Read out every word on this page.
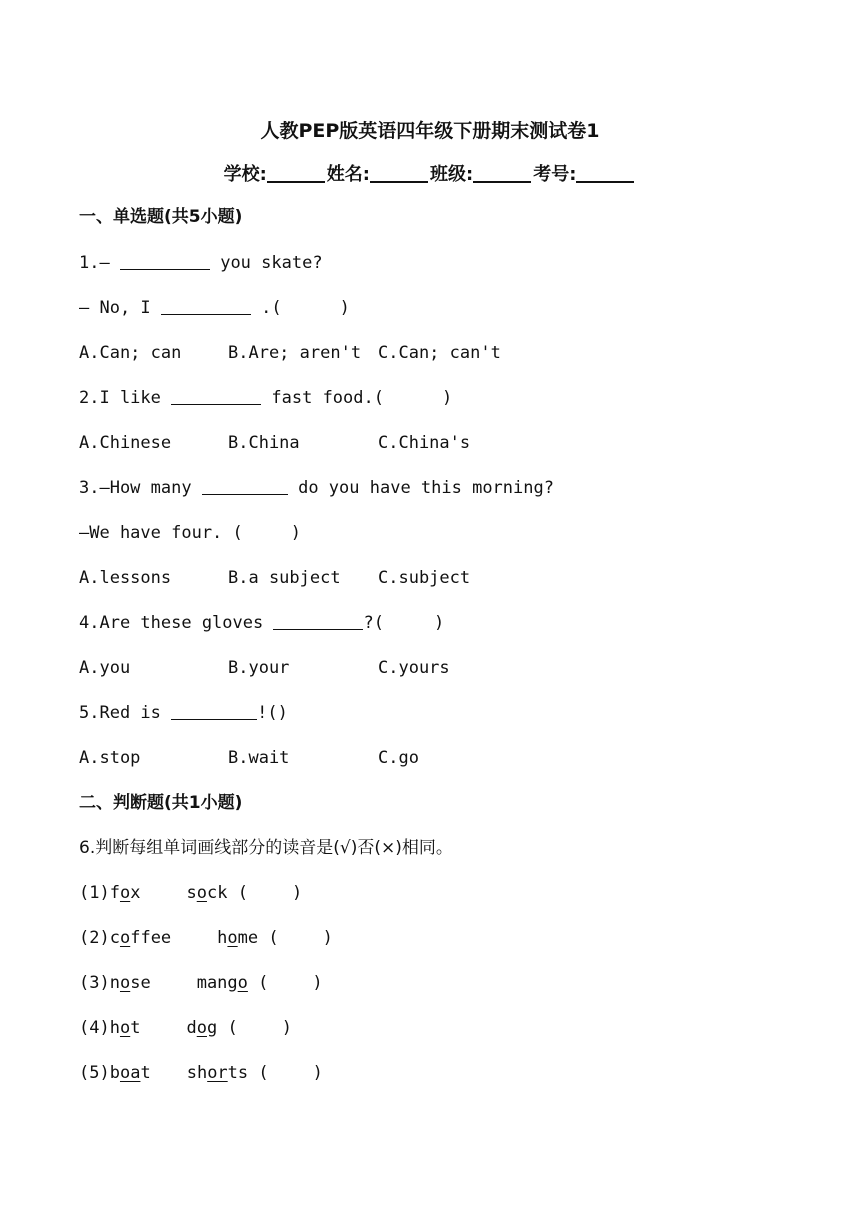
人教PEP版英语四年级下册期末测试卷1
学校:	姓名:	班级:	考号:
一、单选题(共5小题)
1.—	you skate?
— No, I	.(	)
A.Can; can	B.Are; aren't C.Can; can't
2.I like	fast food.(	)
A.Chinese	B.China	C.China's
3.—How many	do you have this morning?
—We have four. (	)
A.lessons	B.a subject C.subject
4.Are these gloves	?(	)
A.you	B.your	C.yours
5.Red is	!()
A.stop	B.wait	C.go
二、判断题(共1小题)
6.判断每组单词画线部分的读音是(√)否(×)相同。
(1)fox	sock (	)
(2)coffee	home (	)
(3)nose	mango (	)
(4)hot	dog (	)
(5)boat shorts (	)
